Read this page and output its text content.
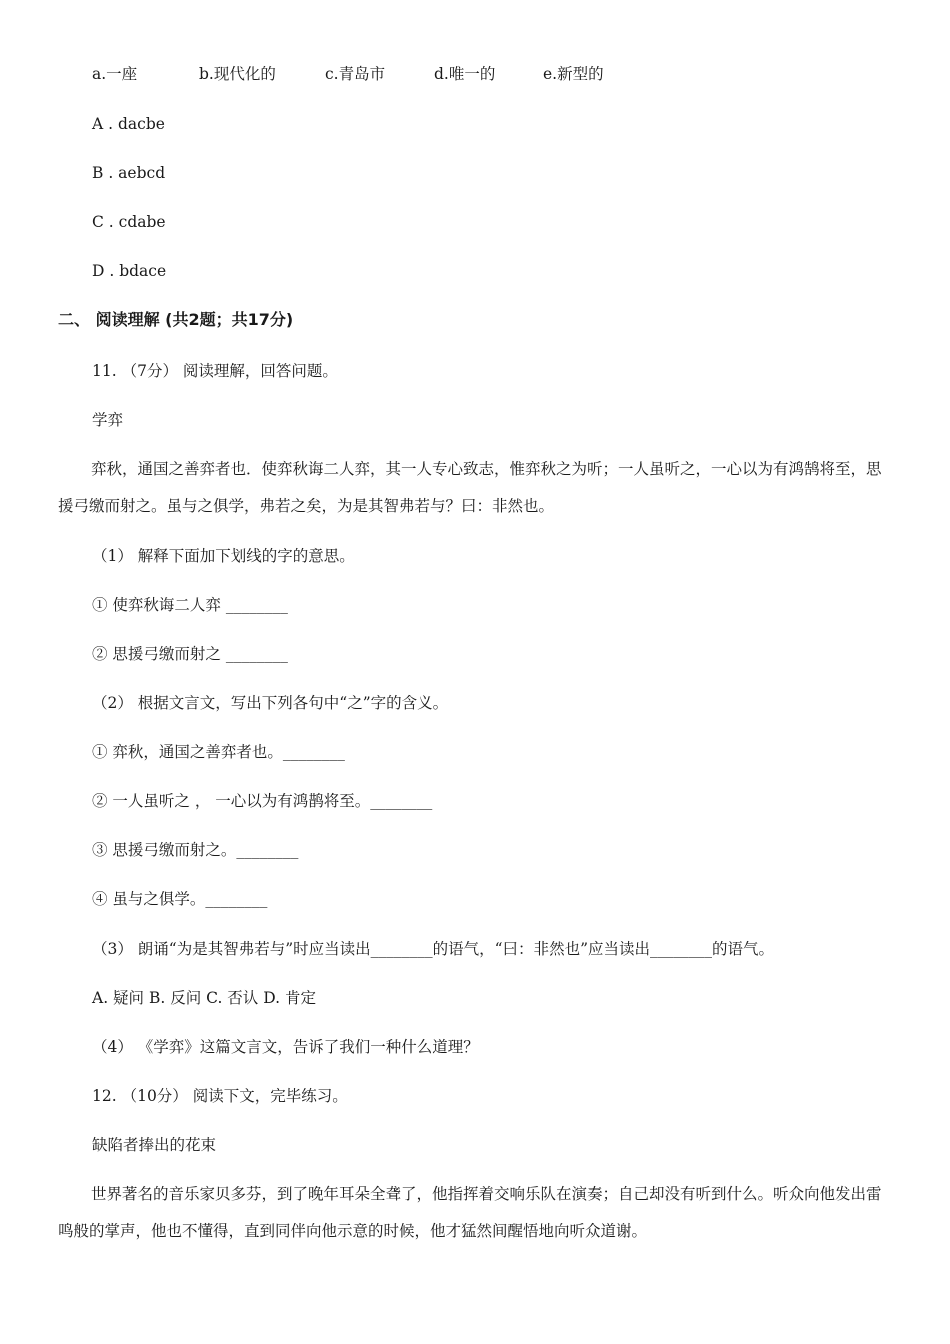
a.一座	b.现代化的	c.青岛市	d.唯一的	e.新型的
A . dacbe
B . aebcd
C . cdabe
D . bdace
二、 阅读理解 (共2题；共17分)
11. （7分） 阅读理解，回答问题。
学弈
弈秋，通国之善弈者也．使弈秋诲二人弈，其一人专心致志，惟弈秋之为听；一人虽听之，一心以为有鸿鹄将至，思援弓缴而射之。虽与之俱学，弗若之矣，为是其智弗若与？曰：非然也。
（1） 解释下面加下划线的字的意思。
① 使弈秋诲二人弈 ________
② 思援弓缴而射之 ________
（2） 根据文言文，写出下列各句中“之”字的含义。
① 弈秋，通国之善弈者也。________
② 一人虽听之 ， 一心以为有鸿鹊将至。________
③ 思援弓缴而射之。________
④ 虽与之俱学。________
（3） 朗诵“为是其智弗若与”时应当读出________的语气，“曰：非然也”应当读出________的语气。
A. 疑问 B. 反问 C. 否认 D. 肯定
（4） 《学弈》这篇文言文，告诉了我们一种什么道理？
12. （10分） 阅读下文，完毕练习。
缺陷者捧出的花束
世界著名的音乐家贝多芬，到了晚年耳朵全聋了，他指挥着交响乐队在演奏；自己却没有听到什么。听众向他发出雷鸣般的掌声，他也不懂得，直到同伴向他示意的时候，他才猛然间醒悟地向听众道谢。
